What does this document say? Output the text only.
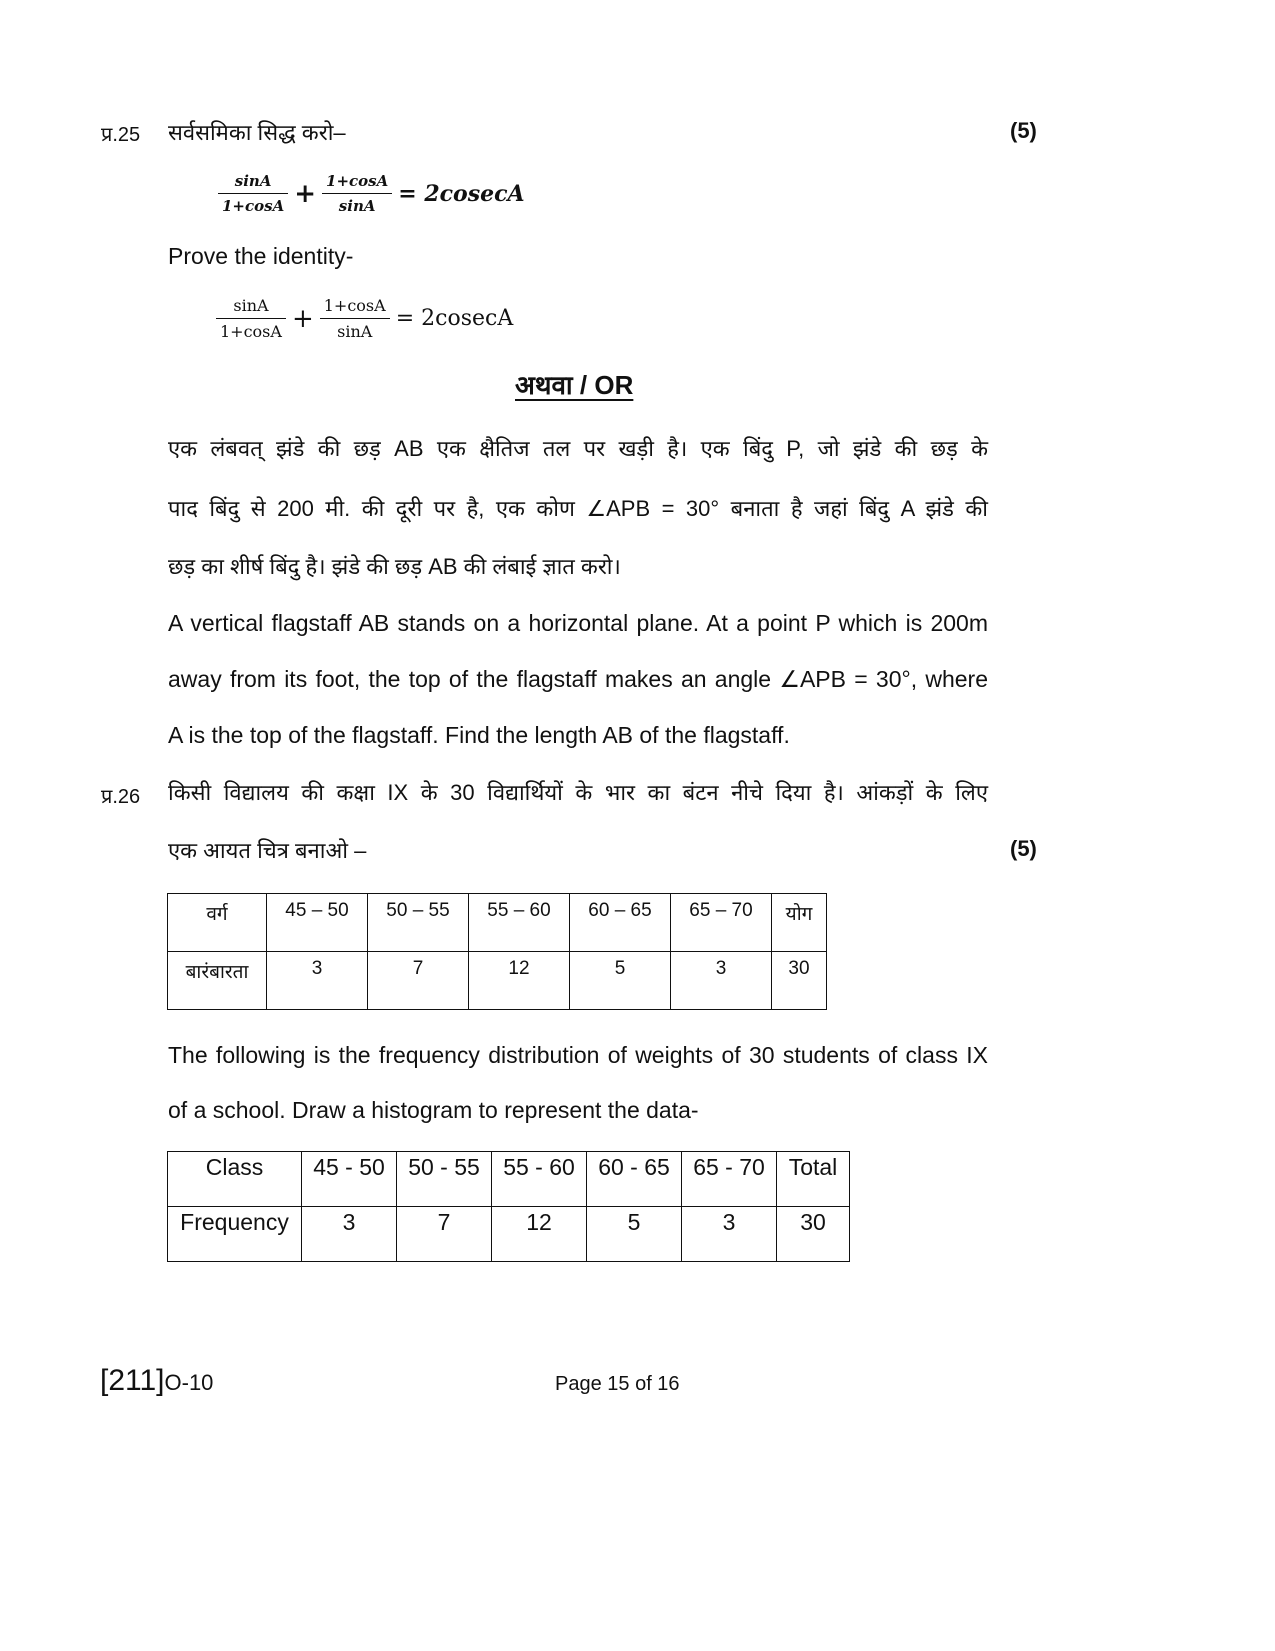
प्र.25 सर्वसमिका सिद्ध करो–	(5)
$\frac{\sin A}{1+\cos A} + \frac{1+\cos A}{\sin A} = 2cosecA$
Prove the identity-
$\frac{\sin A}{1+\cos A} + \frac{1+\cos A}{\sin A} = 2cosecA$
अथवा / OR
एक लंबवत् झंडे की छड़ AB एक क्षैतिज तल पर खड़ी है। एक बिंदु P, जो झंडे की छड़ के
पाद बिंदु से 200 मी. की दूरी पर है, एक कोण ∠APB = 30° बनाता है जहां बिंदु A झंडे की
छड़ का शीर्ष बिंदु है। झंडे की छड़ AB की लंबाई ज्ञात करो।
A vertical flagstaff AB stands on a horizontal plane. At a point P which is 200m
away from its foot, the top of the flagstaff makes an angle ∠APB = 30°, where
A is the top of the flagstaff. Find the length AB of the flagstaff.
प्र.26 किसी विद्यालय की कक्षा IX के 30 विद्यार्थियों के भार का बंटन नीचे दिया है। आंकड़ों के लिए
एक आयत चित्र बनाओ –	(5)
वर्ग	45 – 50	50 – 55	55 – 60	60 – 65	65 – 70	योग
बारंबारता	3	7	12	5	3	30
The following is the frequency distribution of weights of 30 students of class IX
of a school. Draw a histogram to represent the data-
Class	45 - 50	50 - 55	55 - 60	60 - 65	65 - 70	Total
Frequency	3	7	12	5	3	30
[211]O-10	Page 15 of 16
